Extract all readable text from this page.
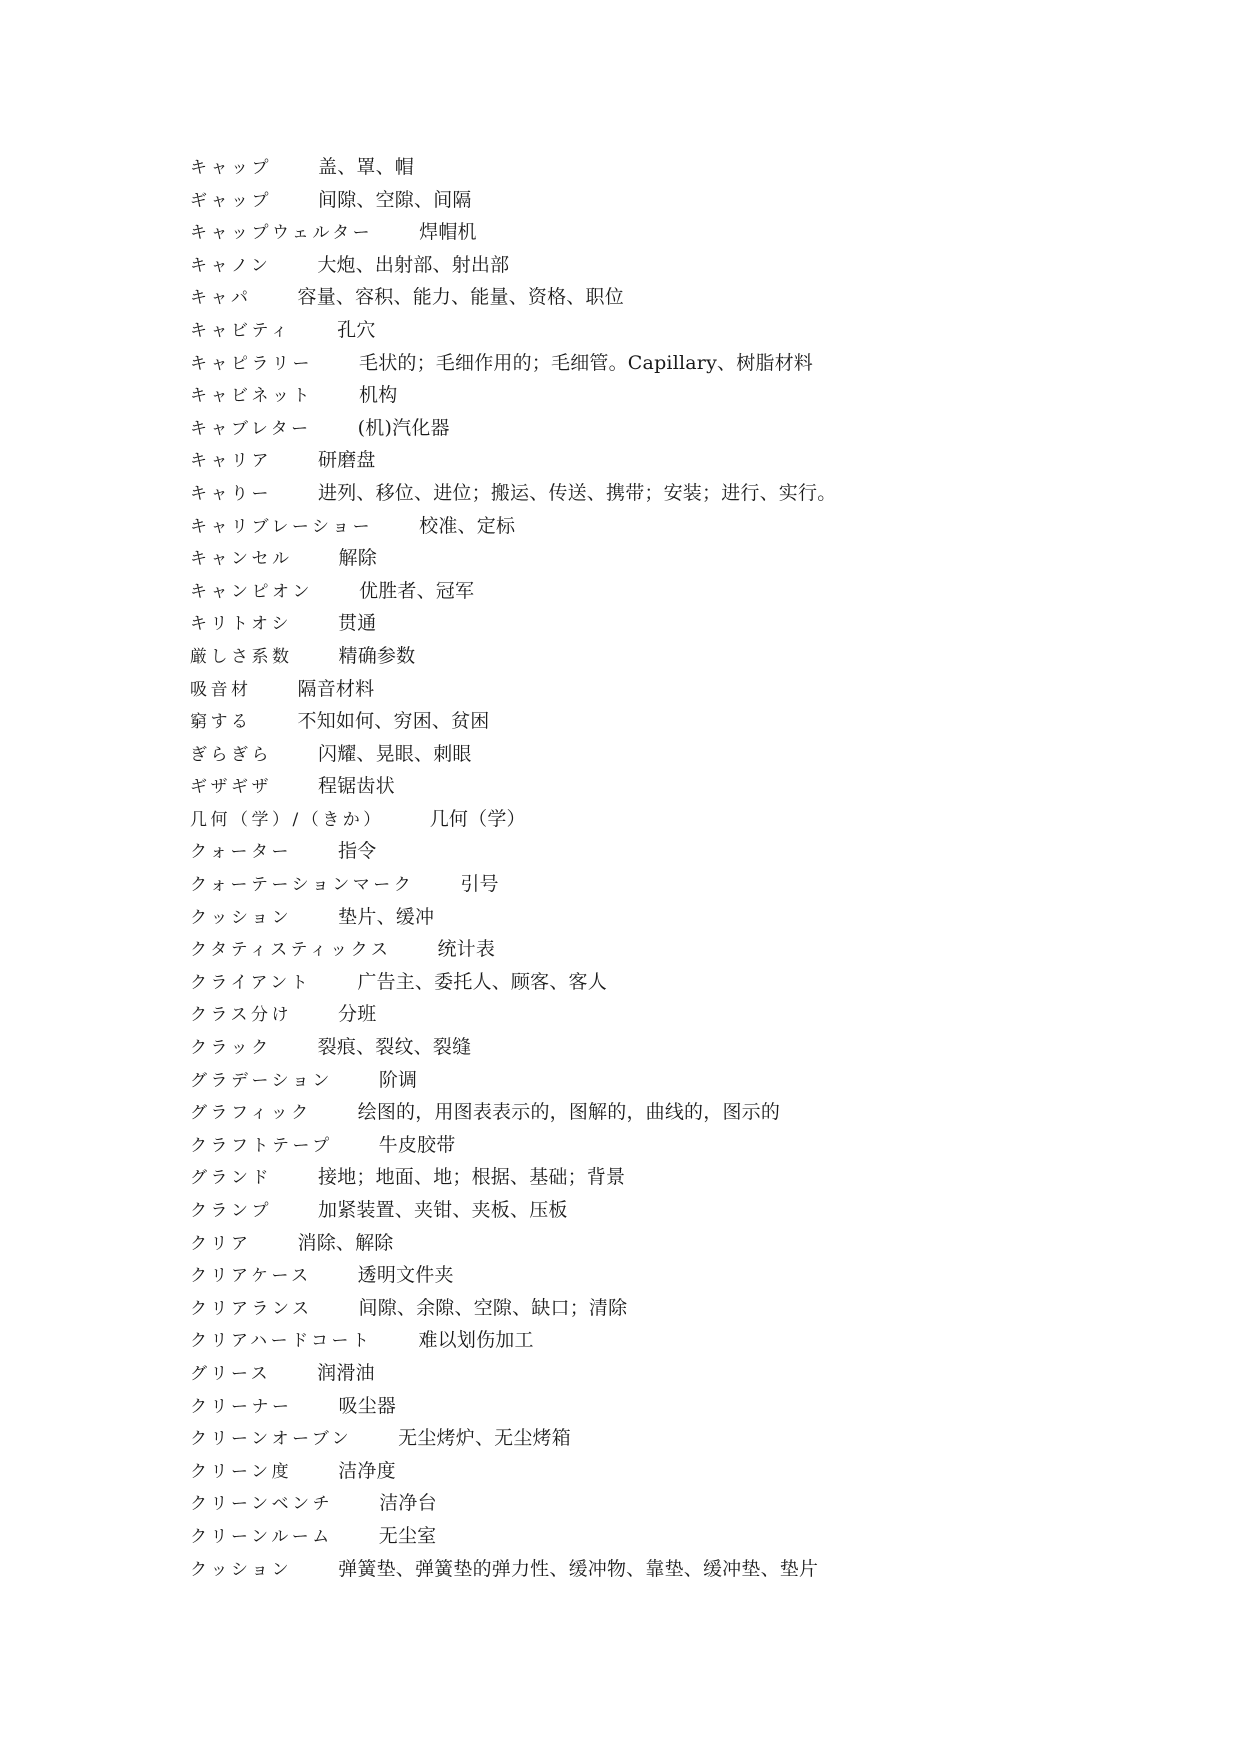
キャップ 盖、罩、帽
ギャップ 间隙、空隙、间隔
キャップウェルター 焊帽机
キャノン 大炮、出射部、射出部
キャパ 容量、容积、能力、能量、资格、职位
キャビティ 孔穴
キャピラリー 毛状的；毛细作用的；毛细管。Capillary、树脂材料
キャビネット 机构
キャブレター (机)汽化器
キャリア 研磨盘
キャりー 进列、移位、进位；搬运、传送、携带；安装；进行、实行。
キャリブレーショー 校准、定标
キャンセル 解除
キャンピオン 优胜者、冠军
キリトオシ 贯通
厳しさ系数 精确参数
吸音材 隔音材料
窮する 不知如何、穷困、贫困
ぎらぎら 闪耀、晃眼、刺眼
ギザギザ 程锯齿状
几何（学）/（きか） 几何（学）
クォーター 指令
クォーテーションマーク 引号
クッション 垫片、缓冲
クタティスティックス 统计表
クライアント 广告主、委托人、顾客、客人
クラス分け 分班
クラック 裂痕、裂纹、裂缝
グラデーション 阶调
グラフィック 绘图的，用图表表示的，图解的，曲线的，图示的
クラフトテープ 牛皮胶带
グランド 接地；地面、地；根据、基础；背景
クランプ 加紧装置、夹钳、夹板、压板
クリア 消除、解除
クリアケース 透明文件夹
クリアランス 间隙、余隙、空隙、缺口；清除
クリアハードコート 难以划伤加工
グリース 润滑油
クリーナー 吸尘器
クリーンオーブン 无尘烤炉、无尘烤箱
クリーン度 洁净度
クリーンベンチ 洁净台
クリーンルーム 无尘室
クッション 弹簧垫、弹簧垫的弹力性、缓冲物、靠垫、缓冲垫、垫片
